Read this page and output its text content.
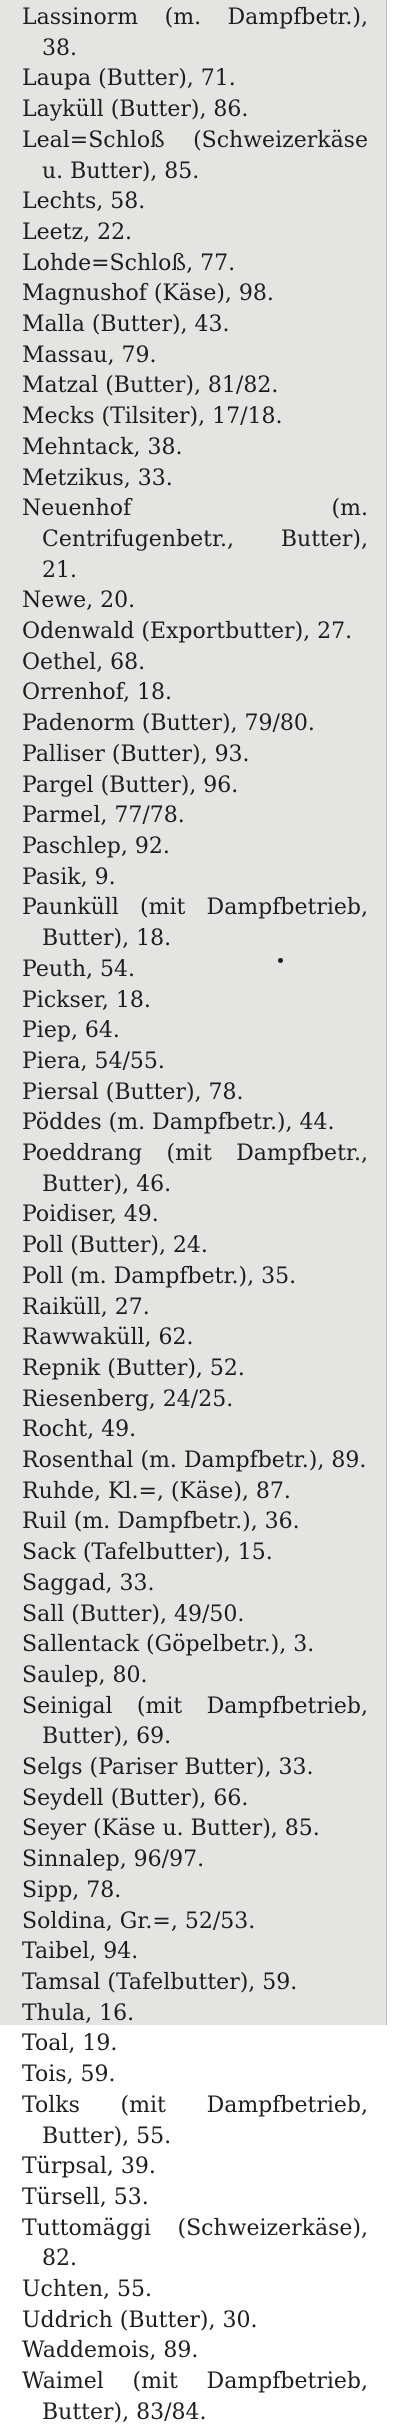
Lassinorm (m. Dampfbetr.), 38.
Laupa (Butter), 71.
Layküll (Butter), 86.
Leal=Schloß (Schweizerkäse u. Butter), 85.
Lechts, 58.
Leetz, 22.
Lohde=Schloß, 77.
Magnushof (Käse), 98.
Malla (Butter), 43.
Massau, 79.
Matzal (Butter), 81/82.
Mecks (Tilsiter), 17/18.
Mehntack, 38.
Metzikus, 33.
Neuenhof (m. Centrifugenbetr., Butter), 21.
Newe, 20.
Odenwald (Exportbutter), 27.
Oethel, 68.
Orrenhof, 18.
Padenorm (Butter), 79/80.
Palliser (Butter), 93.
Pargel (Butter), 96.
Parmel, 77/78.
Paschlep, 92.
Pasik, 9.
Paunküll (mit Dampfbetrieb, Butter), 18.
Peuth, 54.
Pickser, 18.
Piep, 64.
Piera, 54/55.
Piersal (Butter), 78.
Pöddes (m. Dampfbetr.), 44.
Poeddrang (mit Dampfbetr., Butter), 46.
Poidiser, 49.
Poll (Butter), 24.
Poll (m. Dampfbetr.), 35.
Raiküll, 27.
Rawwaküll, 62.
Repnik (Butter), 52.
Riesenberg, 24/25.
Rocht, 49.
Rosenthal (m. Dampfbetr.), 89.
Ruhde, Kl.=, (Käse), 87.
Ruil (m. Dampfbetr.), 36.
Sack (Tafelbutter), 15.
Saggad, 33.
Sall (Butter), 49/50.
Sallentack (Göpelbetr.), 3.
Saulep, 80.
Seinigal (mit Dampfbetrieb, Butter), 69.
Selgs (Pariser Butter), 33.
Seydell (Butter), 66.
Seyer (Käse u. Butter), 85.
Sinnalep, 96/97.
Sipp, 78.
Soldina, Gr.=, 52/53.
Taibel, 94.
Tamsal (Tafelbutter), 59.
Thula, 16.
Toal, 19.
Tois, 59.
Tolks (mit Dampfbetrieb, Butter), 55.
Türpsal, 39.
Türsell, 53.
Tuttomäggi (Schweizerkäse), 82.
Uchten, 55.
Uddrich (Butter), 30.
Waddemois, 89.
Waimel (mit Dampfbetrieb, Butter), 83/84.
